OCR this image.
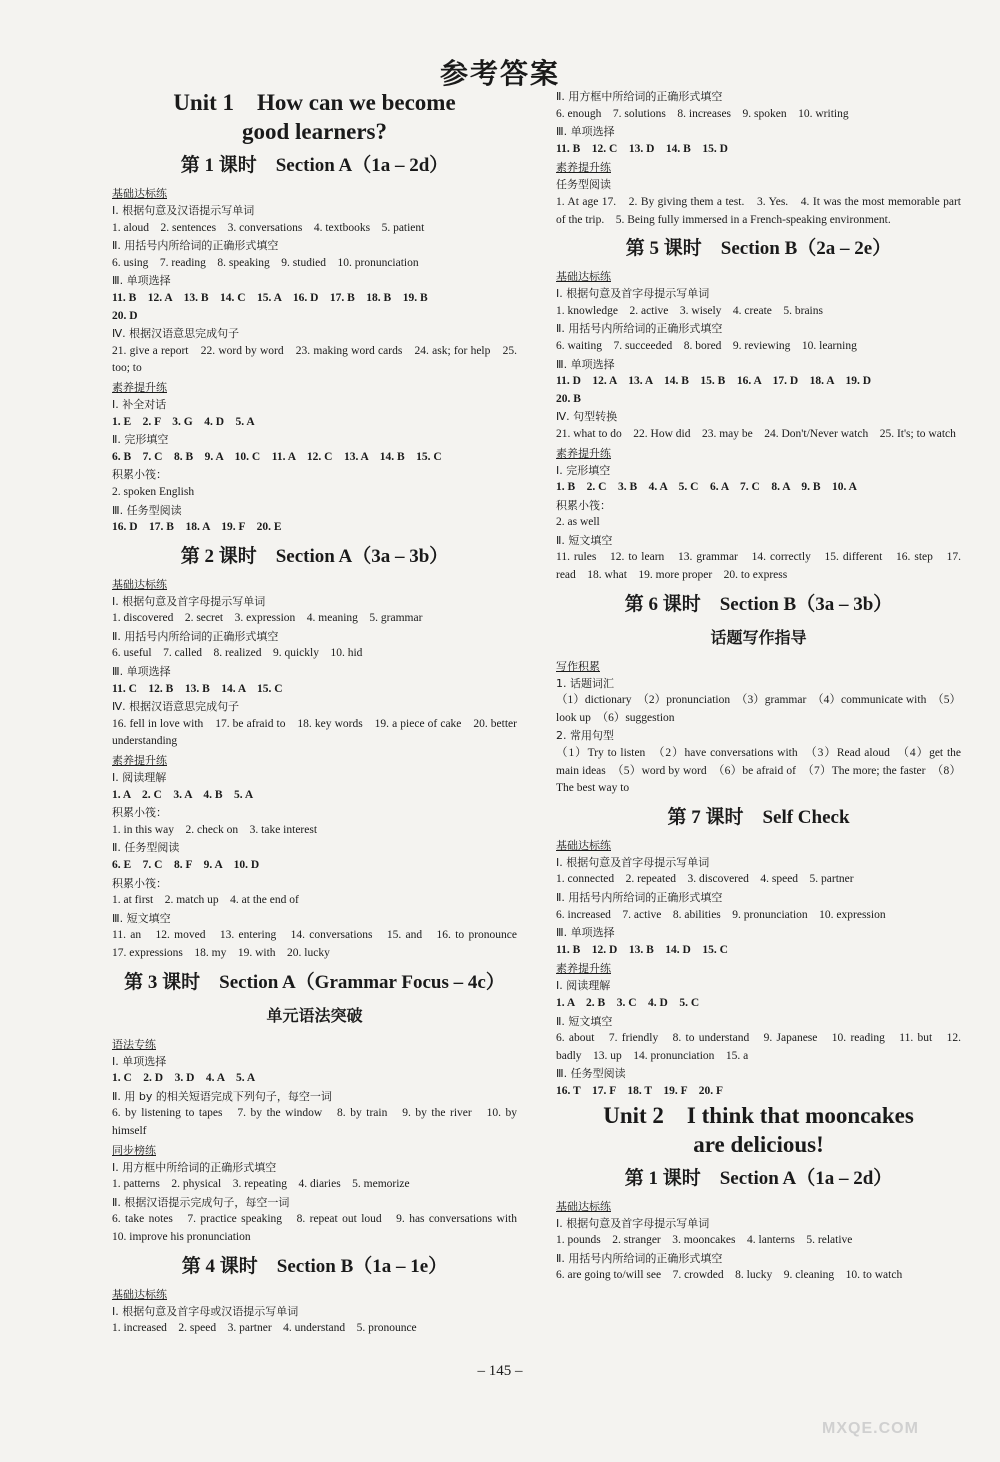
参考答案
Unit 1　How can we become
good learners?
第 1 课时　Section A（1a – 2d）
基础达标练
Ⅰ. 根据句意及汉语提示写单词
1. aloud　2. sentences　3. conversations　4. textbooks　5. patient
Ⅱ. 用括号内所给词的正确形式填空
6. using　7. reading　8. speaking　9. studied　10. pronunciation
Ⅲ. 单项选择
11. B　12. A　13. B　14. C　15. A　16. D　17. B　18. B　19. B
20. D
Ⅳ. 根据汉语意思完成句子
21. give a report　22. word by word　23. making word cards　24. ask; for help　25. too; to
素养提升练
Ⅰ. 补全对话
1. E　2. F　3. G　4. D　5. A
Ⅱ. 完形填空
6. B　7. C　8. B　9. A　10. C　11. A　12. C　13. A　14. B　15. C
积累小筏：
2. spoken English
Ⅲ. 任务型阅读
16. D　17. B　18. A　19. F　20. E
第 2 课时　Section A（3a – 3b）
基础达标练
Ⅰ. 根据句意及首字母提示写单词
1. discovered　2. secret　3. expression　4. meaning　5. grammar
Ⅱ. 用括号内所给词的正确形式填空
6. useful　7. called　8. realized　9. quickly　10. hid
Ⅲ. 单项选择
11. C　12. B　13. B　14. A　15. C
Ⅳ. 根据汉语意思完成句子
16. fell in love with　17. be afraid to　18. key words　19. a piece of cake　20. better understanding
素养提升练
Ⅰ. 阅读理解
1. A　2. C　3. A　4. B　5. A
积累小筏：
1. in this way　2. check on　3. take interest
Ⅱ. 任务型阅读
6. E　7. C　8. F　9. A　10. D
积累小筏：
1. at first　2. match up　4. at the end of
Ⅲ. 短文填空
11. an　12. moved　13. entering　14. conversations　15. and　16. to pronounce　17. expressions　18. my　19. with　20. lucky
第 3 课时　Section A（Grammar Focus – 4c）
单元语法突破
语法专练
Ⅰ. 单项选择
1. C　2. D　3. D　4. A　5. A
Ⅱ. 用 by 的相关短语完成下列句子，每空一词
6. by listening to tapes　7. by the window　8. by train　9. by the river　10. by himself
同步榜练
Ⅰ. 用方框中所给词的正确形式填空
1. patterns　2. physical　3. repeating　4. diaries　5. memorize
Ⅱ. 根据汉语提示完成句子，每空一词
6. take notes　7. practice speaking　8. repeat out loud　9. has conversations with　10. improve his pronunciation
第 4 课时　Section B（1a – 1e）
基础达标练
Ⅰ. 根据句意及首字母或汉语提示写单词
1. increased　2. speed　3. partner　4. understand　5. pronounce
Ⅱ. 用方框中所给词的正确形式填空
6. enough　7. solutions　8. increases　9. spoken　10. writing
Ⅲ. 单项选择
11. B　12. C　13. D　14. B　15. D
素养提升练
任务型阅读
1. At age 17.　2. By giving them a test.　3. Yes.　4. It was the most memorable part of the trip.　5. Being fully immersed in a French-speaking environment.
第 5 课时　Section B（2a – 2e）
基础达标练
Ⅰ. 根据句意及首字母提示写单词
1. knowledge　2. active　3. wisely　4. create　5. brains
Ⅱ. 用括号内所给词的正确形式填空
6. waiting　7. succeeded　8. bored　9. reviewing　10. learning
Ⅲ. 单项选择
11. D　12. A　13. A　14. B　15. B　16. A　17. D　18. A　19. D
20. B
Ⅳ. 句型转换
21. what to do　22. How did　23. may be　24. Don't/Never watch　25. It's; to watch
素养提升练
Ⅰ. 完形填空
1. B　2. C　3. B　4. A　5. C　6. A　7. C　8. A　9. B　10. A
积累小筏：
2. as well
Ⅱ. 短文填空
11. rules　12. to learn　13. grammar　14. correctly　15. different　16. step　17. read　18. what　19. more proper　20. to express
第 6 课时　Section B（3a – 3b）
话题写作指导
写作积累
1. 话题词汇
（1）dictionary　（2）pronunciation　（3）grammar　（4）communicate with　（5）look up　（6）suggestion
2. 常用句型
（1）Try to listen　（2）have conversations with　（3）Read aloud　（4）get the main ideas　（5）word by word　（6）be afraid of　（7）The more; the faster　（8）The best way to
第 7 课时　Self Check
基础达标练
Ⅰ. 根据句意及首字母提示写单词
1. connected　2. repeated　3. discovered　4. speed　5. partner
Ⅱ. 用括号内所给词的正确形式填空
6. increased　7. active　8. abilities　9. pronunciation　10. expression
Ⅲ. 单项选择
11. B　12. D　13. B　14. D　15. C
素养提升练
Ⅰ. 阅读理解
1. A　2. B　3. C　4. D　5. C
Ⅱ. 短文填空
6. about　7. friendly　8. to understand　9. Japanese　10. reading　11. but　12. badly　13. up　14. pronunciation　15. a
Ⅲ. 任务型阅读
16. T　17. F　18. T　19. F　20. F
Unit 2　I think that mooncakes
are delicious!
第 1 课时　Section A（1a – 2d）
基础达标练
Ⅰ. 根据句意及首字母提示写单词
1. pounds　2. stranger　3. mooncakes　4. lanterns　5. relative
Ⅱ. 用括号内所给词的正确形式填空
6. are going to/will see　7. crowded　8. lucky　9. cleaning　10. to watch
– 145 –
MXQE.COM
